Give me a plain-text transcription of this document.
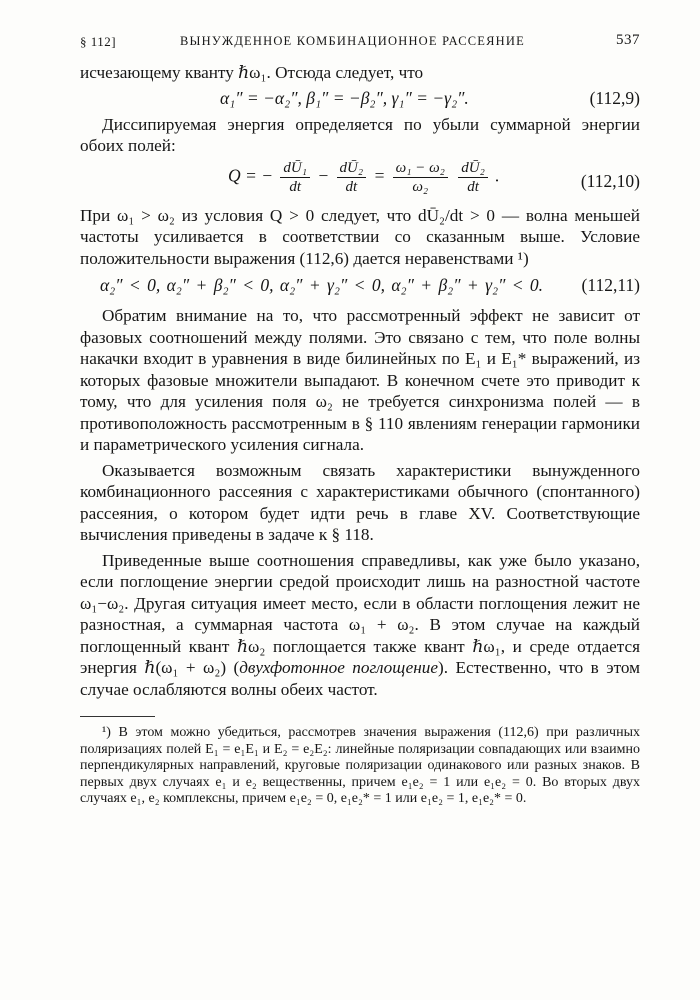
§ 112]	ВЫНУЖДЕННОЕ КОМБИНАЦИОННОЕ РАССЕЯНИЕ	537

исчезающему кванту ℏω₁. Отсюда следует, что

α₁″ = −α₂″, β₁″ = −β₂″, γ₁″ = −γ₂″.	(112,9)

Диссипируемая энергия определяется по убыли суммарной энергии обоих полей:

Q = − $\frac{\text{dŪ₁}}{dt} - \frac{\text{dŪ₂}}{dt} = \frac{\text{ω₁ − ω₂}}{\text{ω₂}}$
$\frac{\text{dŪ₂}}{dt}$ .	(112,10)

При ω₁ > ω₂ из условия Q > 0 следует, что dŪ₂/dt > 0 — волна меньшей частоты усиливается в соответствии со сказанным выше. Условие положительности выражения (112,6) дается неравенствами ¹)

α₂″ < 0, α₂″ + β₂″ < 0, α₂″ + γ₂″ < 0, α₂″ + β₂″ + γ₂″ < 0. (112,11)

Обратим внимание на то, что рассмотренный эффект не зависит от фазовых соотношений между полями. Это связано с тем, что поле волны накачки входит в уравнения в виде билинейных по E₁ и E₁* выражений, из которых фазовые множители выпадают. В конечном счете это приводит к тому, что для усиления поля ω₂ не требуется синхронизма полей — в противоположность рассмотренным в § 110 явлениям генерации гармоники и параметрического усиления сигнала.

Оказывается возможным связать характеристики вынужденного комбинационного рассеяния с характеристиками обычного (спонтанного) рассеяния, о котором будет идти речь в главе XV. Соответствующие вычисления приведены в задаче к § 118.

Приведенные выше соотношения справедливы, как уже было указано, если поглощение энергии средой происходит лишь на разностной частоте ω₁−ω₂. Другая ситуация имеет место, если в области поглощения лежит не разностная, а суммарная частота ω₁ + ω₂. В этом случае на каждый поглощенный квант ℏω₂ поглощается также квант ℏω₁, и среде отдается энергия ℏ(ω₁ + ω₂) (двухфотонное поглощение). Естественно, что в этом случае ослабляются волны обеих частот.

¹) В этом можно убедиться, рассмотрев значения выражения (112,6) при различных поляризациях полей E₁ = e₁E₁ и E₂ = e₂E₂: линейные поляризации совпадающих или взаимно перпендикулярных направлений, круговые поляризации одинакового или разных знаков. В первых двух случаях e₁ и e₂ вещественны, причем e₁e₂ = 1 или e₁e₂ = 0. Во вторых двух случаях e₁, e₂ комплексны, причем e₁e₂ = 0, e₁e₂* = 1 или e₁e₂ = 1, e₁e₂* = 0.
